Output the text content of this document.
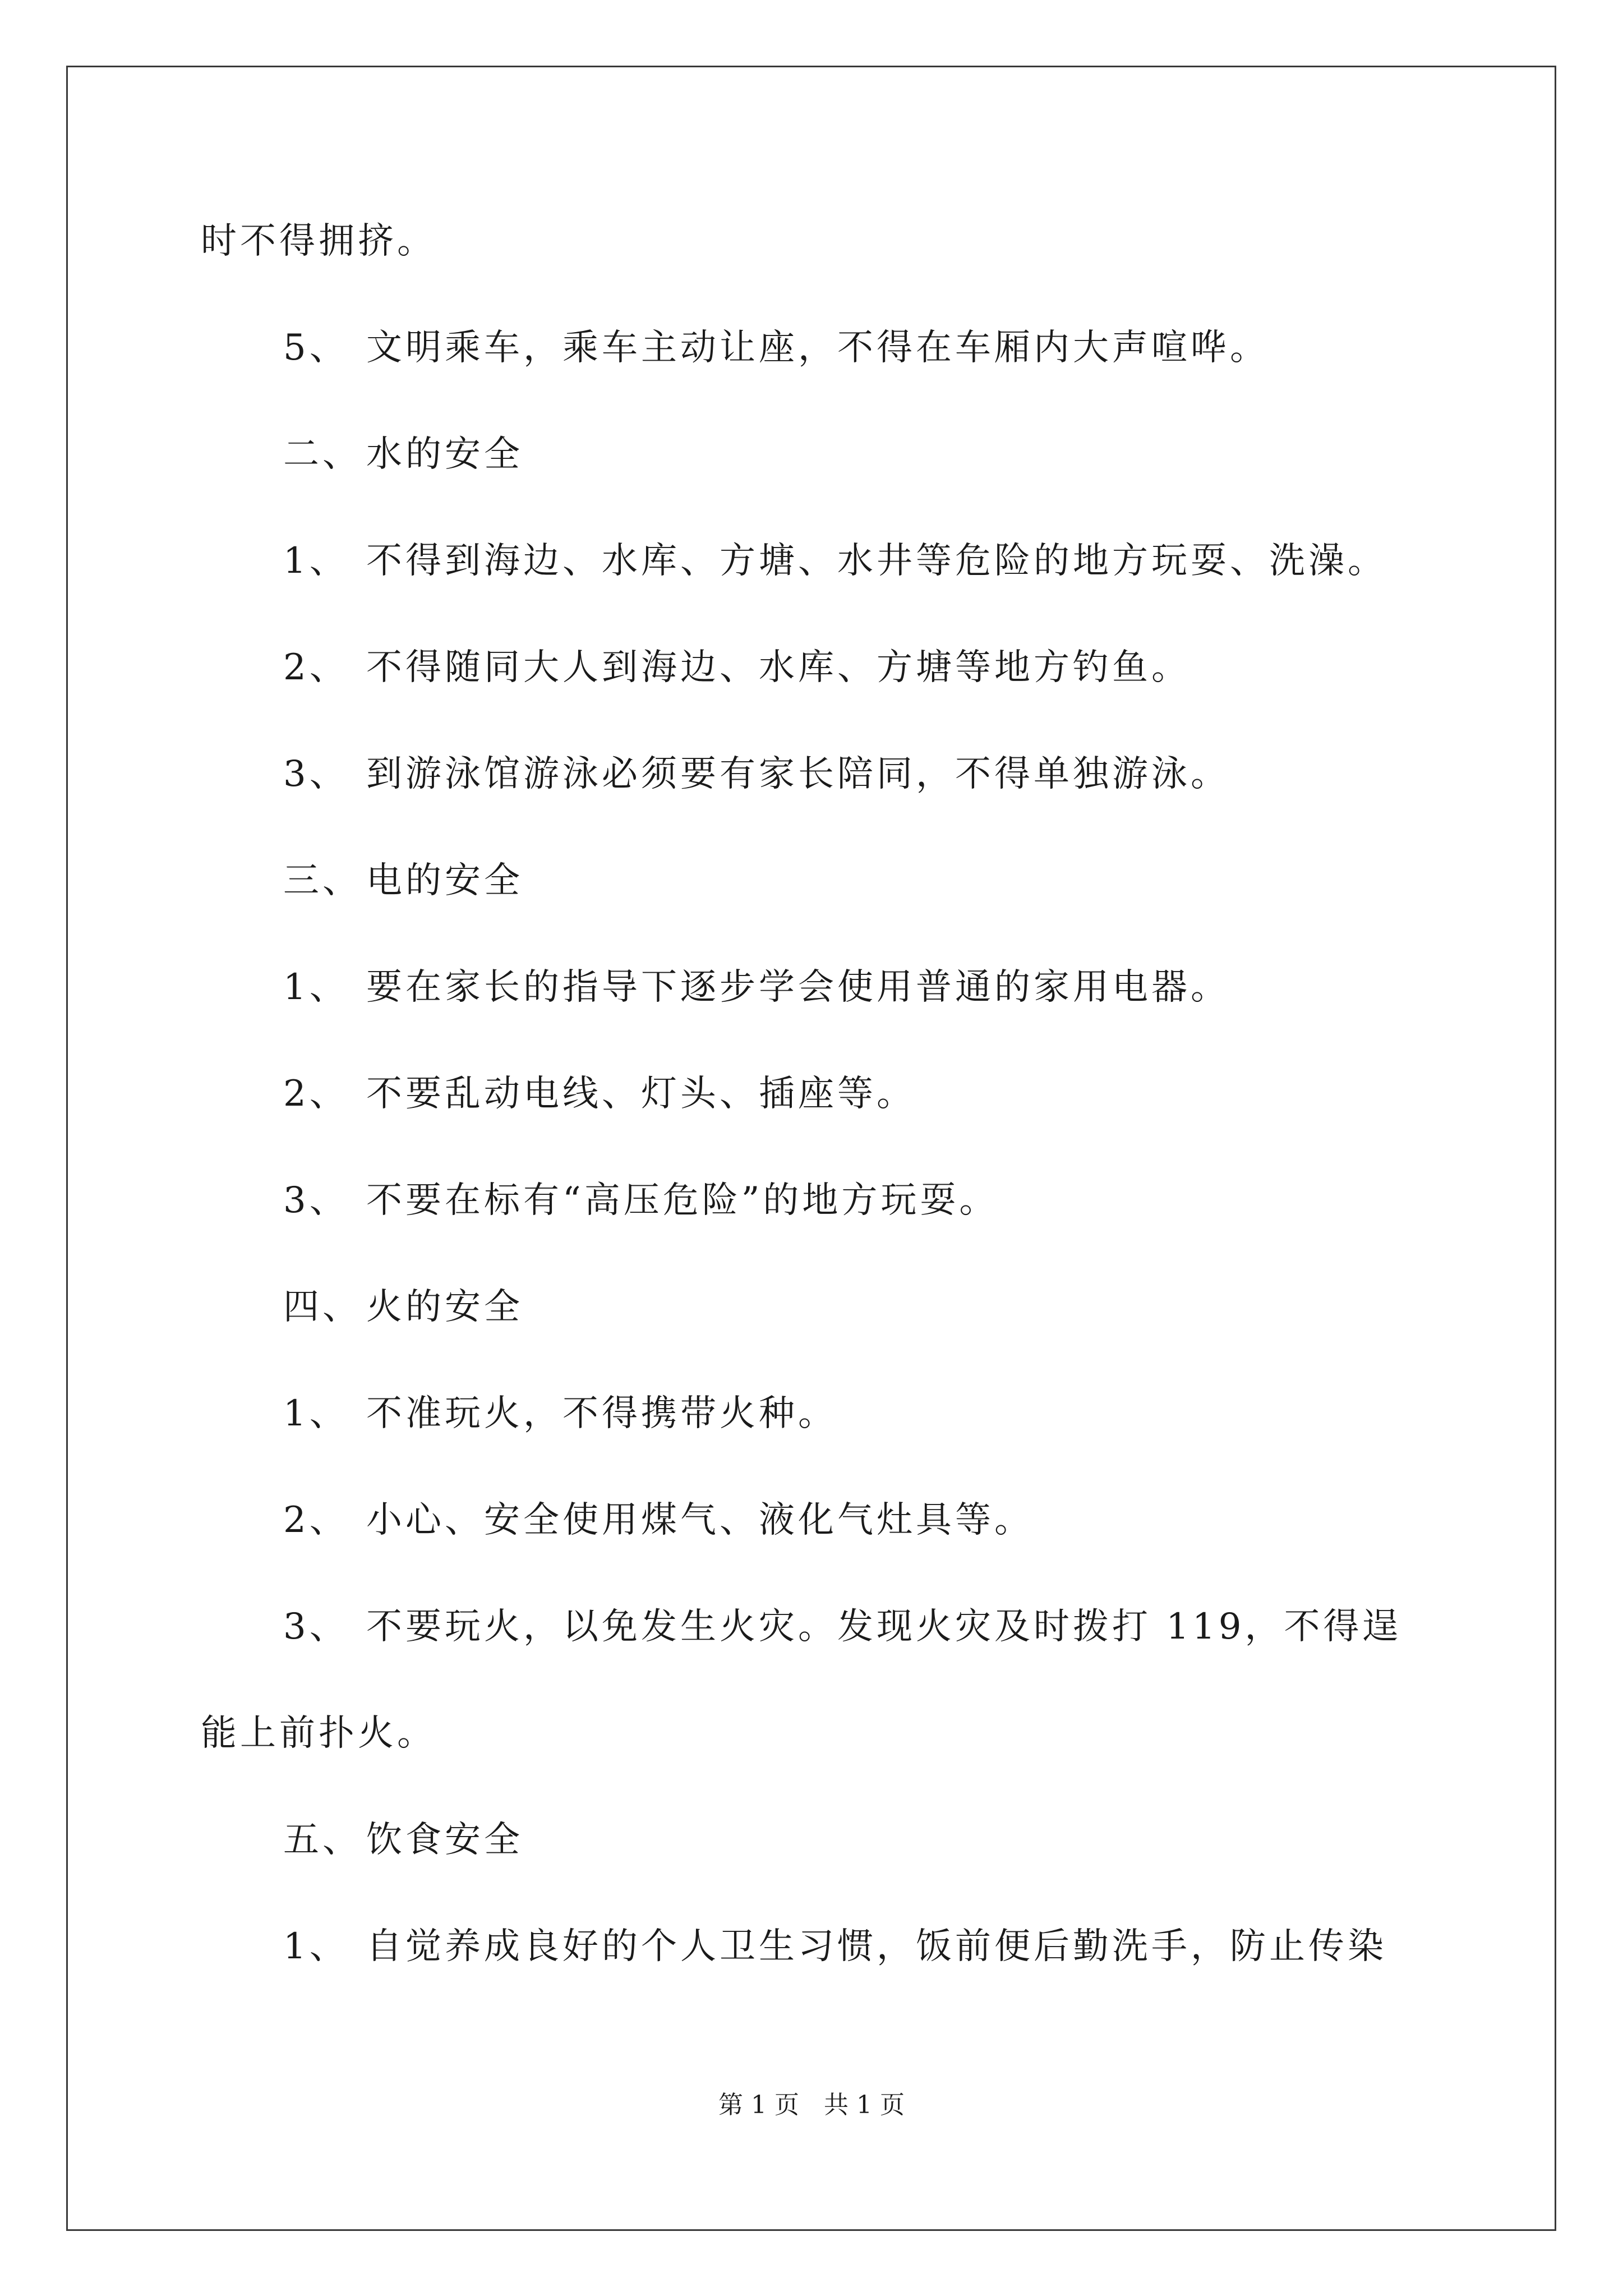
时不得拥挤。
5、 文明乘车，乘车主动让座，不得在车厢内大声喧哗。
二、 水的安全
1、 不得到海边、水库、方塘、水井等危险的地方玩耍、洗澡。
2、 不得随同大人到海边、水库、方塘等地方钓鱼。
3、 到游泳馆游泳必须要有家长陪同，不得单独游泳。
三、 电的安全
1、 要在家长的指导下逐步学会使用普通的家用电器。
2、 不要乱动电线、灯头、插座等。
3、 不要在标有“高压危险”的地方玩耍。
四、 火的安全
1、 不准玩火，不得携带火种。
2、 小心、安全使用煤气、液化气灶具等。
3、 不要玩火，以免发生火灾。发现火灾及时拨打 119，不得逞
能上前扑火。
五、 饮食安全
1、 自觉养成良好的个人卫生习惯，饭前便后勤洗手，防止传染
第 1 页 共 1 页
